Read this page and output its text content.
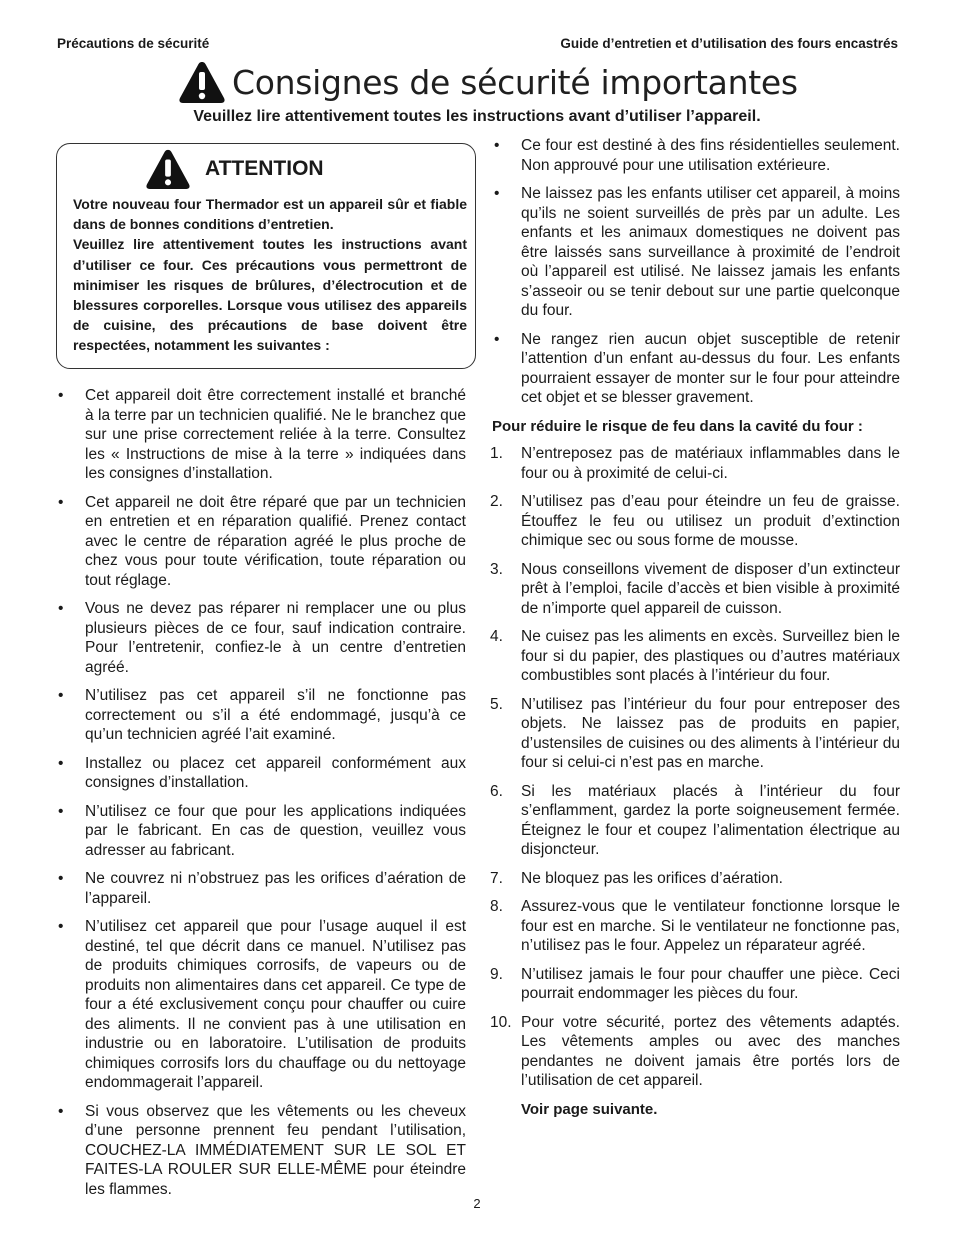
Précautions de sécurité	Guide d’entretien et d’utilisation des fours encastrés
Consignes de sécurité importantes
Veuillez lire attentivement toutes les instructions avant d’utiliser l’appareil.
ATTENTION

Votre nouveau four Thermador est un appareil sûr et fiable dans de bonnes conditions d’entretien.

Veuillez lire attentivement toutes les instructions avant d’utiliser ce four. Ces précautions vous permettront de minimiser les risques de brûlures, d’électrocution et de blessures corporelles. Lorsque vous utilisez des appareils de cuisine, des précautions de base doivent être respectées, notamment les suivantes :

• Cet appareil doit être correctement installé et branché à la terre par un technicien qualifié. Ne le branchez que sur une prise correctement reliée à la terre. Consultez les « Instructions de mise à la terre » indiquées dans les consignes d’installation.
• Cet appareil ne doit être réparé que par un technicien en entretien et en réparation qualifié. Prenez contact avec le centre de réparation agréé le plus proche de chez vous pour toute vérification, toute réparation ou tout réglage.
• Vous ne devez pas réparer ni remplacer une ou plus plusieurs pièces de ce four, sauf indication contraire. Pour l’entretenir, confiez-le à un centre d’entretien agréé.
• N’utilisez pas cet appareil s’il ne fonctionne pas correctement ou s’il a été endommagé, jusqu’à ce qu’un technicien agréé l’ait examiné.
• Installez ou placez cet appareil conformément aux consignes d’installation.
• N’utilisez ce four que pour les applications indiquées par le fabricant. En cas de question, veuillez vous adresser au fabricant.
• Ne couvrez ni n’obstruez pas les orifices d’aération de l’appareil.
• N’utilisez cet appareil que pour l’usage auquel il est destiné, tel que décrit dans ce manuel. N’utilisez pas de produits chimiques corrosifs, de vapeurs ou de produits non alimentaires dans cet appareil. Ce type de four a été exclusivement conçu pour chauffer ou cuire des aliments. Il ne convient pas à une utilisation en industrie ou en laboratoire. L’utilisation de produits chimiques corrosifs lors du chauffage ou du nettoyage endommagerait l’appareil.
• Si vous observez que les vêtements ou les cheveux d’une personne prennent feu pendant l’utilisation, COUCHEZ-LA IMMÉDIATEMENT SUR LE SOL ET FAITES-LA ROULER SUR ELLE-MÊME pour éteindre les flammes.
• Ce four est destiné à des fins résidentielles seulement. Non approuvé pour une utilisation extérieure.
• Ne laissez pas les enfants utiliser cet appareil, à moins qu’ils ne soient surveillés de près par un adulte. Les enfants et les animaux domestiques ne doivent pas être laissés sans surveillance à proximité de l’endroit où l’appareil est utilisé. Ne laissez jamais les enfants s’asseoir ou se tenir debout sur une partie quelconque du four.
• Ne rangez rien aucun objet susceptible de retenir l’attention d’un enfant au-dessus du four. Les enfants pourraient essayer de monter sur le four pour atteindre cet objet et se blesser gravement.
Pour réduire le risque de feu dans la cavité du four :
1. N’entreposez pas de matériaux inflammables dans le four ou à proximité de celui-ci.
2. N’utilisez pas d’eau pour éteindre un feu de graisse. Étouffez le feu ou utilisez un produit d’extinction chimique sec ou sous forme de mousse.
3. Nous conseillons vivement de disposer d’un extincteur prêt à l’emploi, facile d’accès et bien visible à proximité de n’importe quel appareil de cuisson.
4. Ne cuisez pas les aliments en excès. Surveillez bien le four si du papier, des plastiques ou d’autres matériaux combustibles sont placés à l’intérieur du four.
5. N’utilisez pas l’intérieur du four pour entreposer des objets. Ne laissez pas de produits en papier, d’ustensiles de cuisines ou des aliments à l’intérieur du four si celui-ci n’est pas en marche.
6. Si les matériaux placés à l’intérieur du four s’enflamment, gardez la porte soigneusement fermée. Éteignez le four et coupez l’alimentation électrique au disjoncteur.
7. Ne bloquez pas les orifices d’aération.
8. Assurez-vous que le ventilateur fonctionne lorsque le four est en marche. Si le ventilateur ne fonctionne pas, n’utilisez pas le four. Appelez un réparateur agréé.
9. N’utilisez jamais le four pour chauffer une pièce. Ceci pourrait endommager les pièces du four.
10. Pour votre sécurité, portez des vêtements adaptés. Les vêtements amples ou avec des manches pendantes ne doivent jamais être portés lors de l’utilisation de cet appareil.
Voir page suivante.
2
